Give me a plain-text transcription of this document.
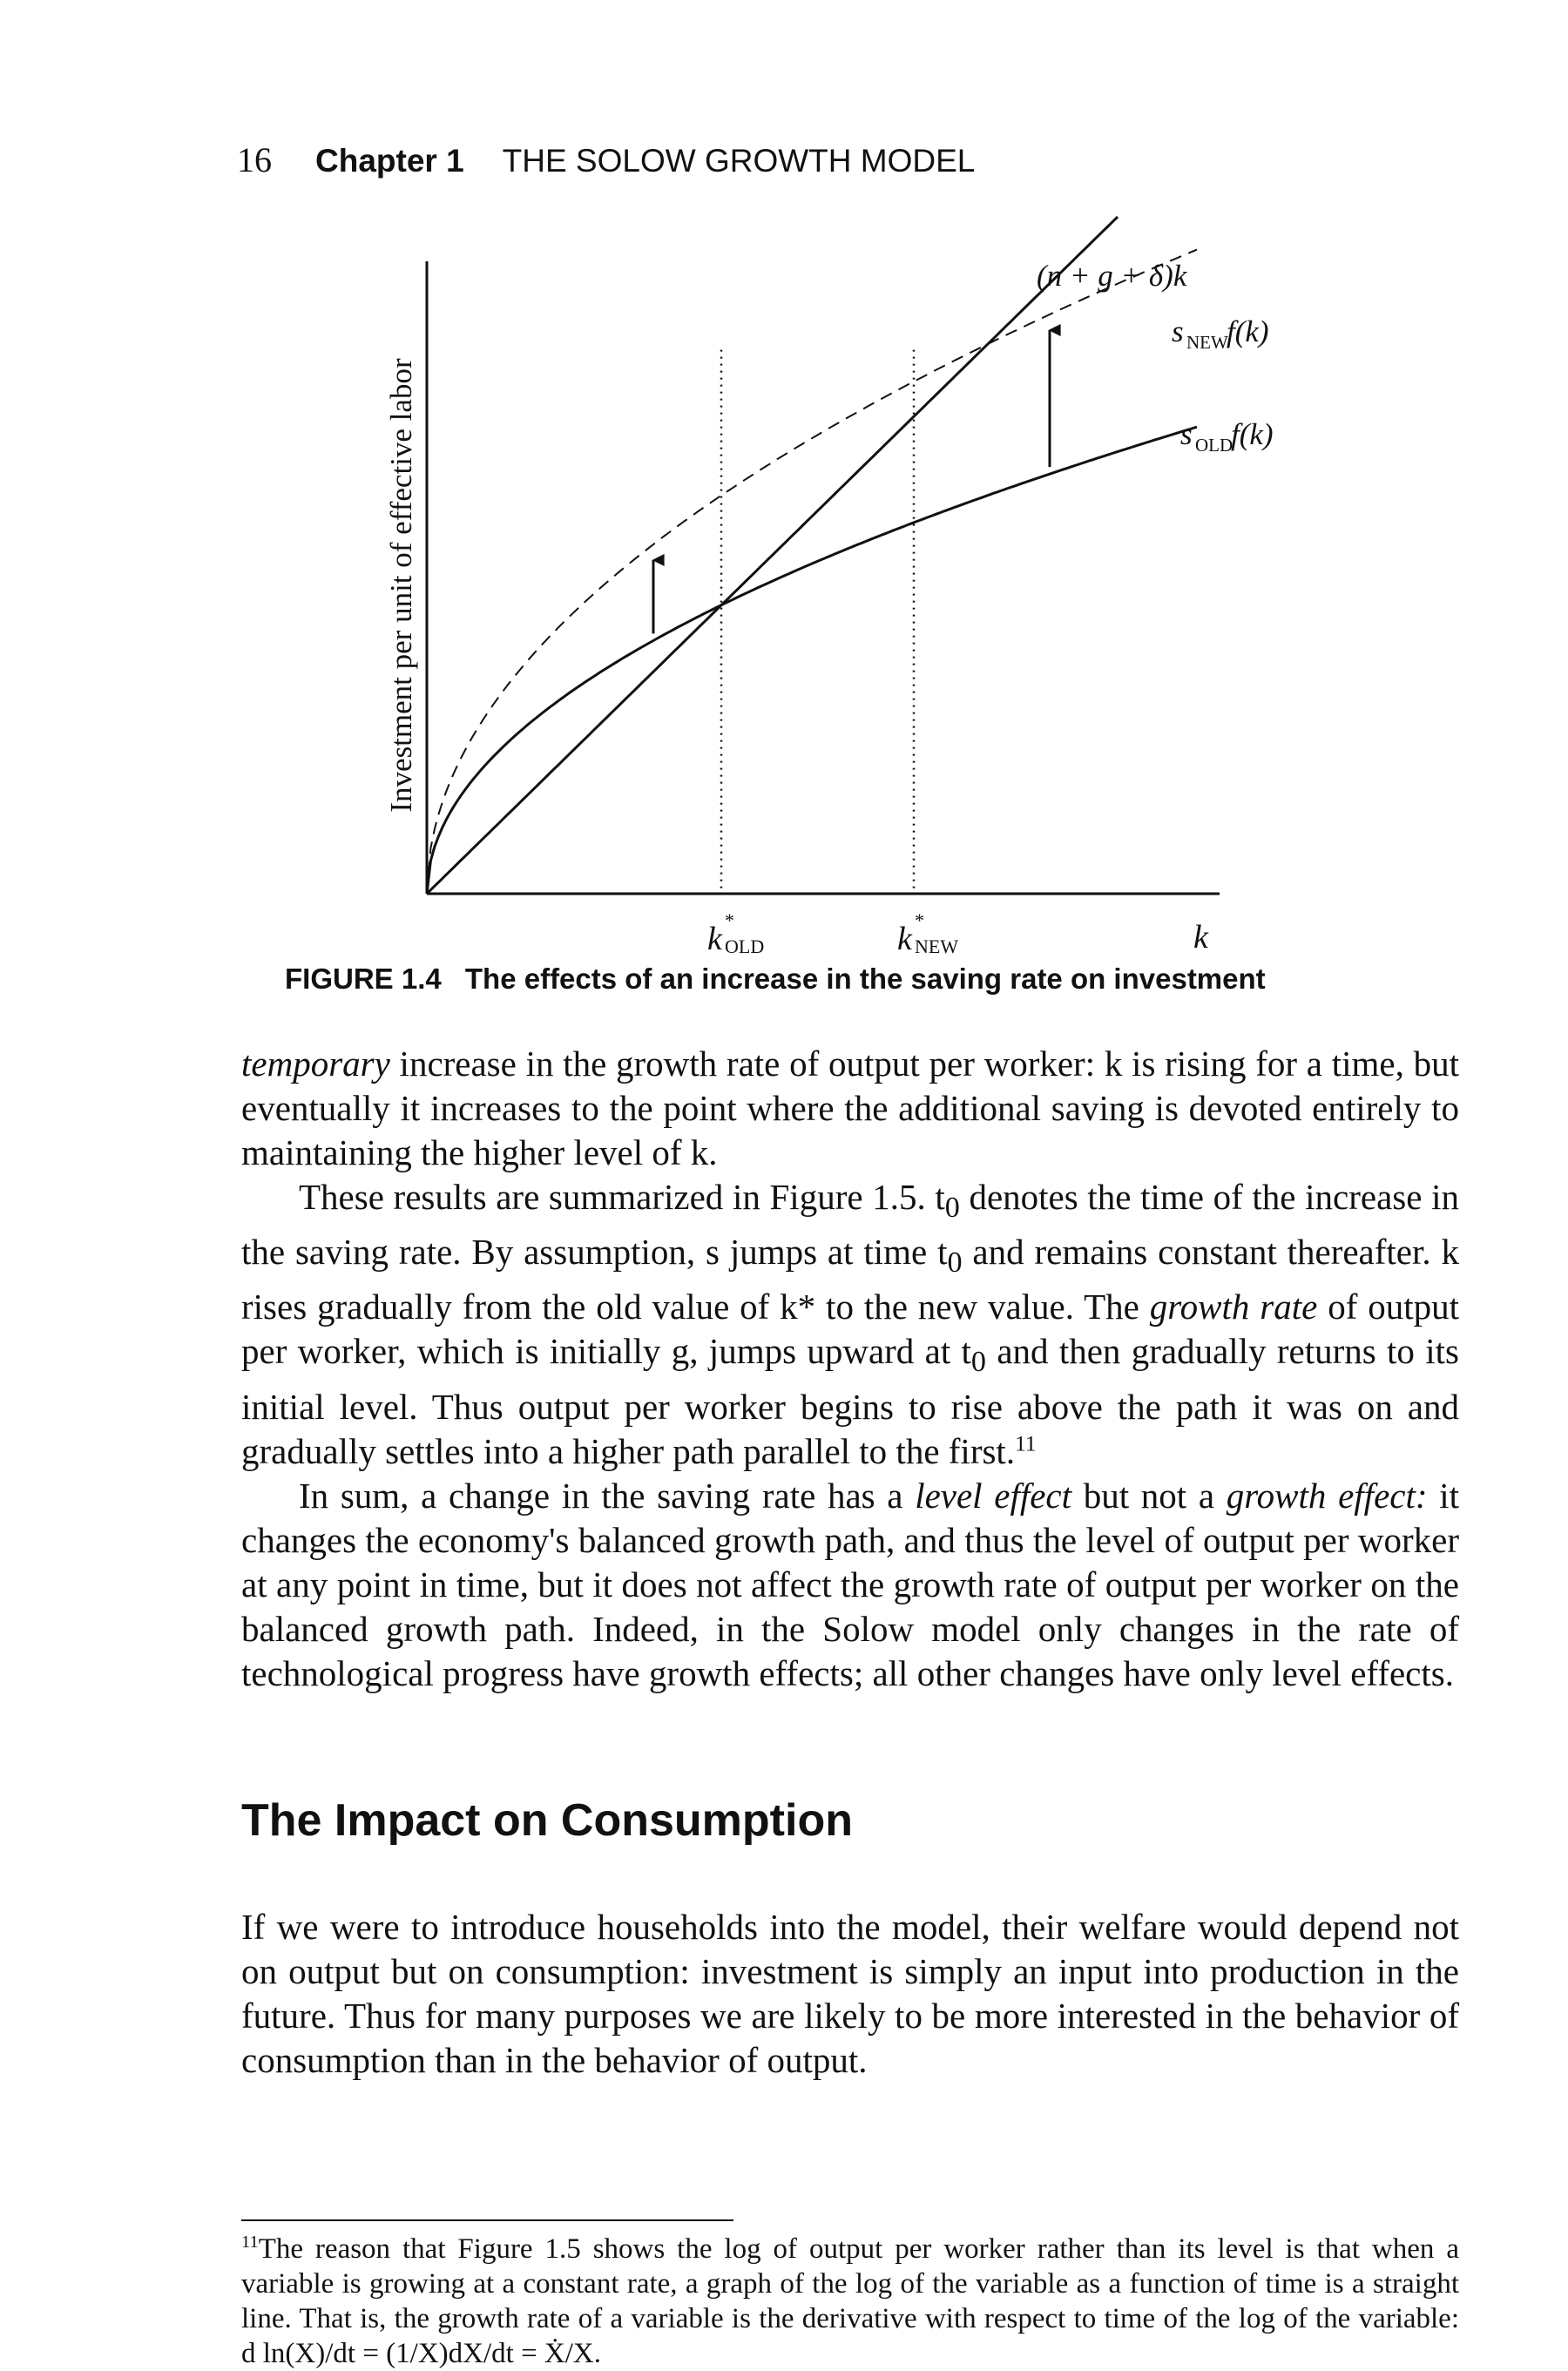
16 Chapter 1 THE SOLOW GROWTH MODEL
Investment per unit of effective labor
k
*
OLD	k
*
NEW	k
(n + g + δ)k
s NEW
f(k)
s OLD
f(k)
FIGURE 1.4 The effects of an increase in the saving rate on investment

temporary increase in the growth rate of output per worker: k is rising for a time, but eventually it increases to the point where the additional saving is devoted entirely to maintaining the higher level of k.

These results are summarized in Figure 1.5. $t_0$ denotes the time of the increase in the saving rate. By assumption, s jumps at time $t_0$ and remains constant thereafter. k rises gradually from the old value of k* to the new value. The growth rate of output per worker, which is initially g, jumps upward at $t_0$ and then gradually returns to its initial level. Thus output per worker begins to rise above the path it was on and gradually settles into a higher path parallel to the first.$^{11}$

In sum, a change in the saving rate has a level effect but not a growth effect: it changes the economy's balanced growth path, and thus the level of output per worker at any point in time, but it does not affect the growth rate of output per worker on the balanced growth path. Indeed, in the Solow model only changes in the rate of technological progress have growth effects; all other changes have only level effects.

The Impact on Consumption

If we were to introduce households into the model, their welfare would depend not on output but on consumption: investment is simply an input into production in the future. Thus for many purposes we are likely to be more interested in the behavior of consumption than in the behavior of output.

$^{11}$The reason that Figure 1.5 shows the log of output per worker rather than its level is that when a variable is growing at a constant rate, a graph of the log of the variable as a function of time is a straight line. That is, the growth rate of a variable is the derivative with respect to time of the log of the variable: d ln(X)/dt = (1/X)dX/dt = Ẋ/X.
